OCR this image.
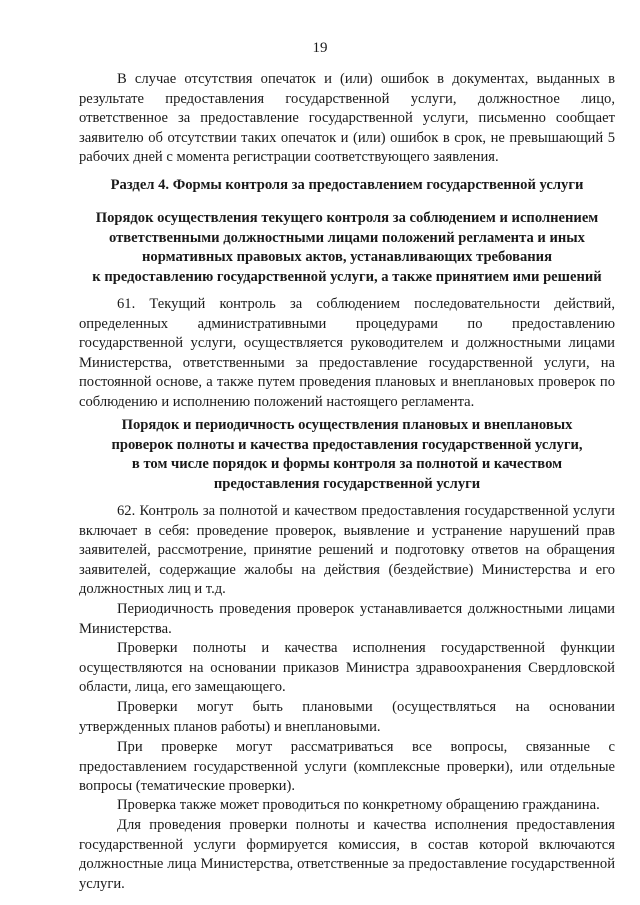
19

В случае отсутствия опечаток и (или) ошибок в документах, выданных в результате предоставления государственной услуги, должностное лицо, ответственное за предоставление государственной услуги, письменно сообщает заявителю об отсутствии таких опечаток и (или) ошибок в срок, не превышающий 5 рабочих дней с момента регистрации соответствующего заявления.

Раздел 4. Формы контроля за предоставлением государственной услуги
Порядок осуществления текущего контроля за соблюдением и исполнением
ответственными должностными лицами положений регламента и иных
нормативных правовых актов, устанавливающих требования
к предоставлению государственной услуги, а также принятием ими решений

61. Текущий контроль за соблюдением последовательности действий, определенных административными процедурами по предоставлению государственной услуги, осуществляется руководителем и должностными лицами Министерства, ответственными за предоставление государственной услуги, на постоянной основе, а также путем проведения плановых и внеплановых проверок по соблюдению и исполнению положений настоящего регламента.

Порядок и периодичность осуществления плановых и внеплановых
проверок полноты и качества предоставления государственной услуги,
в том числе порядок и формы контроля за полнотой и качеством
предоставления государственной услуги

62. Контроль за полнотой и качеством предоставления государственной услуги включает в себя: проведение проверок, выявление и устранение нарушений прав заявителей, рассмотрение, принятие решений и подготовку ответов на обращения заявителей, содержащие жалобы на действия (бездействие) Министерства и его должностных лиц и т.д.

Периодичность проведения проверок устанавливается должностными лицами Министерства.

Проверки полноты и качества исполнения государственной функции осуществляются на основании приказов Министра здравоохранения Свердловской области, лица, его замещающего.

Проверки могут быть плановыми (осуществляться на основании утвержденных планов работы) и внеплановыми.

При проверке могут рассматриваться все вопросы, связанные с предоставлением государственной услуги (комплексные проверки), или отдельные вопросы (тематические проверки).

Проверка также может проводиться по конкретному обращению гражданина.

Для проведения проверки полноты и качества исполнения предоставления государственной услуги формируется комиссия, в состав которой включаются должностные лица Министерства, ответственные за предоставление государственной услуги.
